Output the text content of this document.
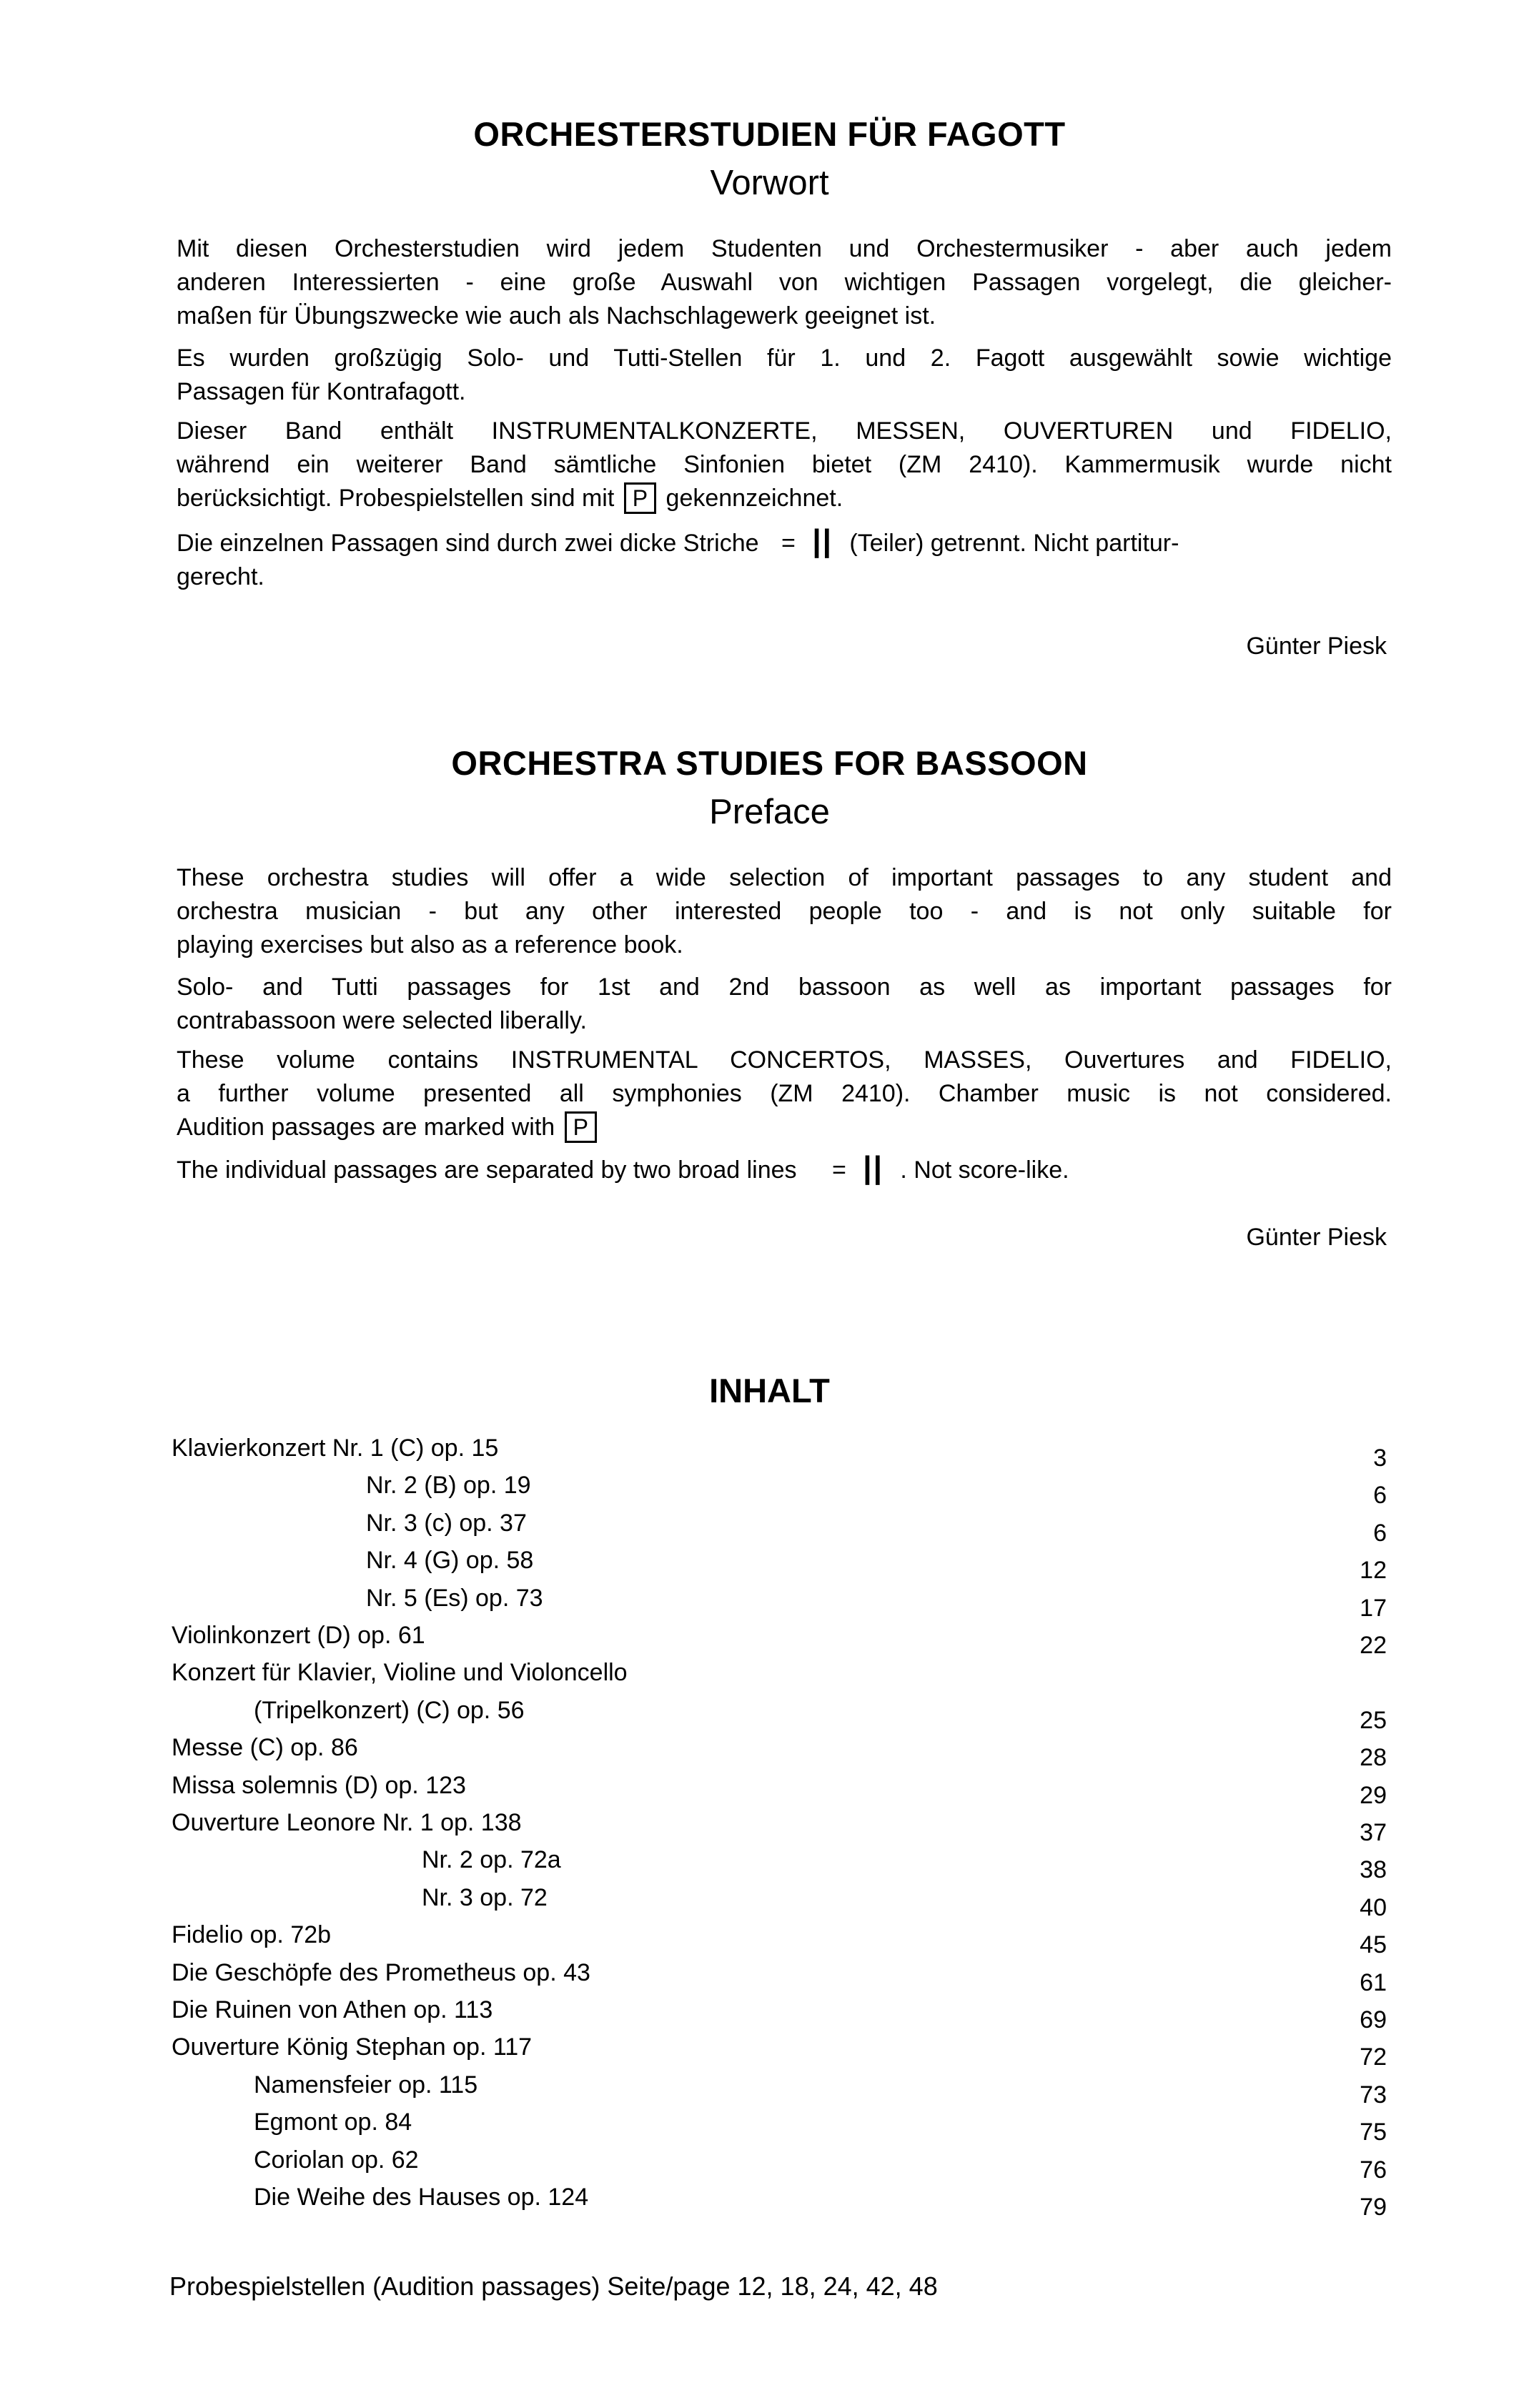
ORCHESTERSTUDIEN FÜR FAGOTT
Vorwort
Mit diesen Orchesterstudien wird jedem Studenten und Orchestermusiker - aber auch jedem
anderen Interessierten - eine große Auswahl von wichtigen Passagen vorgelegt, die gleicher-
maßen für Übungszwecke wie auch als Nachschlagewerk geeignet ist.
Es wurden großzügig Solo- und Tutti-Stellen für 1. und 2. Fagott ausgewählt sowie wichtige
Passagen für Kontrafagott.
Dieser Band enthält INSTRUMENTALKONZERTE, MESSEN, OUVERTUREN und FIDELIO,
während ein weiterer Band sämtliche Sinfonien bietet (ZM 2410). Kammermusik wurde nicht
berücksichtigt. Probespielstellen sind mit P gekennzeichnet.
Die einzelnen Passagen sind durch zwei dicke Striche = || (Teiler) getrennt. Nicht partitur-
gerecht.

Günter Piesk

ORCHESTRA STUDIES FOR BASSOON
Preface
These orchestra studies will offer a wide selection of important passages to any student and
orchestra musician - but any other interested people too - and is not only suitable for
playing exercises but also as a reference book.
Solo- and Tutti passages for 1st and 2nd bassoon as well as important passages for
contrabassoon were selected liberally.
These volume contains INSTRUMENTAL CONCERTOS, MASSES, Ouvertures and FIDELIO,
a further volume presented all symphonies (ZM 2410). Chamber music is not considered.
Audition passages are marked with P
The individual passages are separated by two broad lines = || . Not score-like.

Günter Piesk

INHALT
Klavierkonzert Nr. 1 (C) op. 15	3
Nr. 2 (B) op. 19	6
Nr. 3 (c) op. 37	6
Nr. 4 (G) op. 58	12
Nr. 5 (Es) op. 73	17
Violinkonzert (D) op. 61	22
Konzert für Klavier, Violine und Violoncello
(Tripelkonzert) (C) op. 56	25
Messe (C) op. 86	28
Missa solemnis (D) op. 123	29
Ouverture Leonore Nr. 1 op. 138	37
Nr. 2 op. 72a	38
Nr. 3 op. 72	40
Fidelio op. 72b	45
Die Geschöpfe des Prometheus op. 43	61
Die Ruinen von Athen op. 113	69
Ouverture König Stephan op. 117	72
Namensfeier op. 115	73
Egmont op. 84	75
Coriolan op. 62	76
Die Weihe des Hauses op. 124	79

Probespielstellen (Audition passages) Seite/page 12, 18, 24, 42, 48
